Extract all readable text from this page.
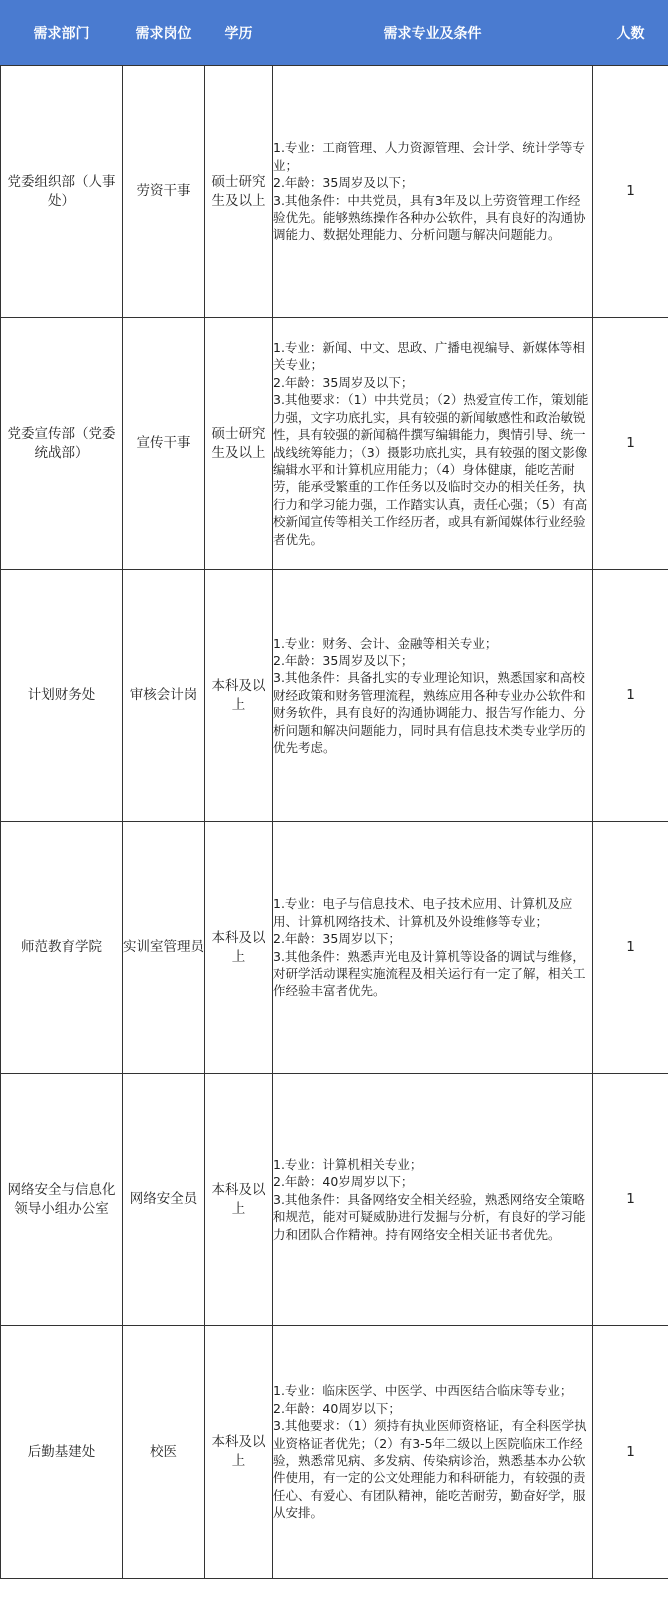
需求部门	需求岗位	学历	需求专业及条件	人数
党委组织部（人事处）	劳资干事	硕士研究生及以上	1.专业：工商管理、人力资源管理、会计学、统计学等专业；
2.年龄：35周岁及以下；
3.其他条件：中共党员，具有3年及以上劳资管理工作经验优先。能够熟练操作各种办公软件，具有良好的沟通协调能力、数据处理能力、分析问题与解决问题能力。	1
党委宣传部（党委统战部）	宣传干事	硕士研究生及以上	1.专业：新闻、中文、思政、广播电视编导、新媒体等相关专业；
2.年龄：35周岁及以下；
3.其他要求：（1）中共党员；（2）热爱宣传工作，策划能力强，文字功底扎实，具有较强的新闻敏感性和政治敏锐性，具有较强的新闻稿件撰写编辑能力，舆情引导、统一战线统筹能力；（3）摄影功底扎实，具有较强的图文影像编辑水平和计算机应用能力；（4）身体健康，能吃苦耐劳，能承受繁重的工作任务以及临时交办的相关任务，执行力和学习能力强，工作踏实认真，责任心强；（5）有高校新闻宣传等相关工作经历者，或具有新闻媒体行业经验者优先。	1
计划财务处	审核会计岗	本科及以上	1.专业：财务、会计、金融等相关专业；
2.年龄：35周岁及以下；
3.其他条件：具备扎实的专业理论知识，熟悉国家和高校财经政策和财务管理流程，熟练应用各种专业办公软件和财务软件，具有良好的沟通协调能力、报告写作能力、分析问题和解决问题能力，同时具有信息技术类专业学历的优先考虑。	1
师范教育学院	实训室管理员	本科及以上	1.专业：电子与信息技术、电子技术应用、计算机及应用、计算机网络技术、计算机及外设维修等专业；
2.年龄：35周岁以下；
3.其他条件：熟悉声光电及计算机等设备的调试与维修，对研学活动课程实施流程及相关运行有一定了解，相关工作经验丰富者优先。	1
网络安全与信息化领导小组办公室	网络安全员	本科及以上	1.专业：计算机相关专业；
2.年龄：40岁周岁以下；
3.其他条件：具备网络安全相关经验，熟悉网络安全策略和规范，能对可疑威胁进行发掘与分析，有良好的学习能力和团队合作精神。持有网络安全相关证书者优先。	1
后勤基建处	校医	本科及以上	1.专业：临床医学、中医学、中西医结合临床等专业；
2.年龄：40周岁以下；
3.其他要求：（1）须持有执业医师资格证，有全科医学执业资格证者优先；（2）有3-5年二级以上医院临床工作经验，熟悉常见病、多发病、传染病诊治，熟悉基本办公软件使用，有一定的公文处理能力和科研能力，有较强的责任心、有爱心、有团队精神，能吃苦耐劳，勤奋好学，服从安排。	1
